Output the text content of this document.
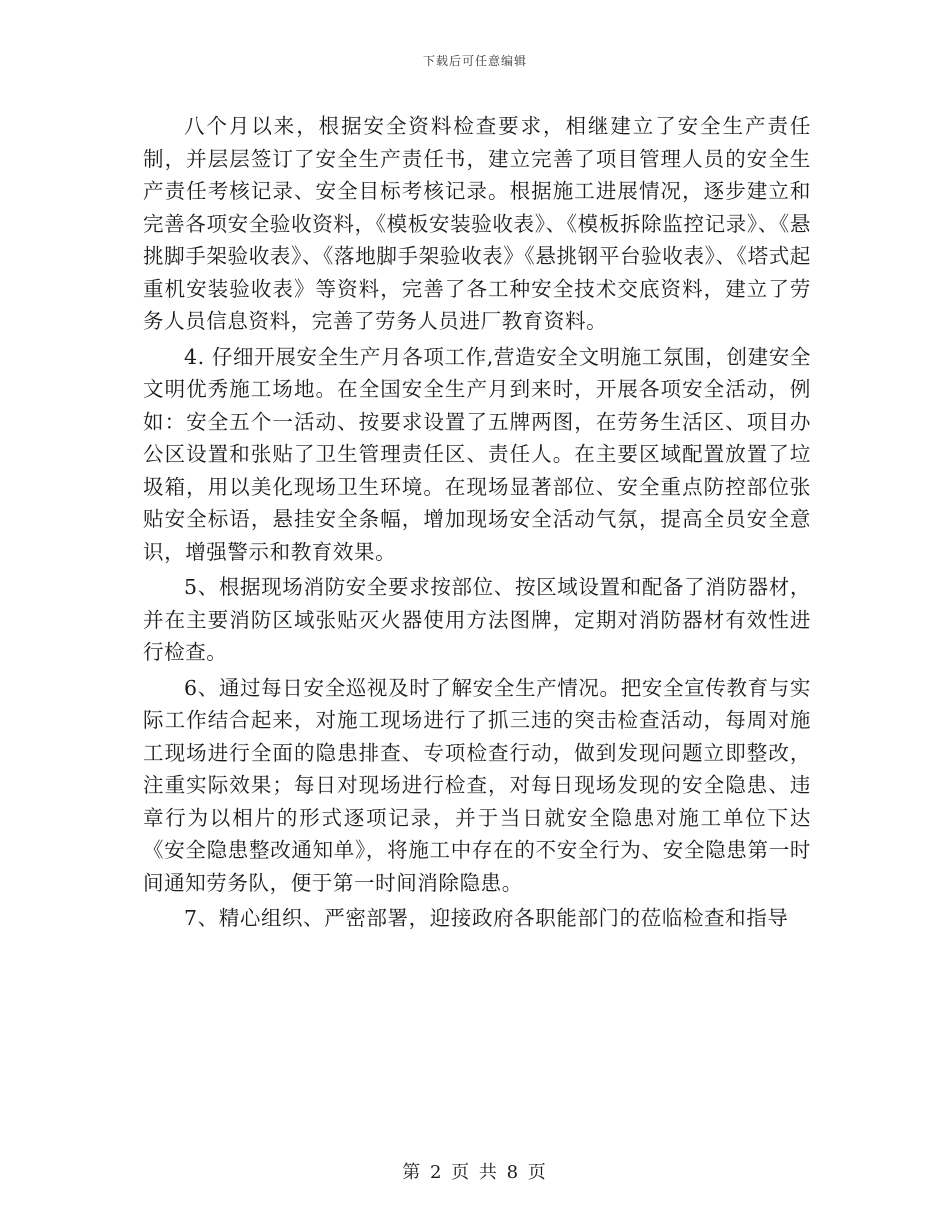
下载后可任意编辑

八个月以来，根据安全资料检查要求，相继建立了安全生产责任制，并层层签订了安全生产责任书，建立完善了项目管理人员的安全生产责任考核记录、安全目标考核记录。根据施工进展情况，逐步建立和完善各项安全验收资料，《模板安装验收表》、《模板拆除监控记录》、《悬挑脚手架验收表》、《落地脚手架验收表》《悬挑钢平台验收表》、《塔式起重机安装验收表》等资料，完善了各工种安全技术交底资料，建立了劳务人员信息资料，完善了劳务人员进厂教育资料。

4. 仔细开展安全生产月各项工作,营造安全文明施工氛围，创建安全文明优秀施工场地。在全国安全生产月到来时，开展各项安全活动，例如：安全五个一活动、按要求设置了五牌两图，在劳务生活区、项目办公区设置和张贴了卫生管理责任区、责任人。在主要区域配置放置了垃圾箱，用以美化现场卫生环境。在现场显著部位、安全重点防控部位张贴安全标语，悬挂安全条幅，增加现场安全活动气氛，提高全员安全意识，增强警示和教育效果。

5、根据现场消防安全要求按部位、按区域设置和配备了消防器材，并在主要消防区域张贴灭火器使用方法图牌，定期对消防器材有效性进行检查。

6、通过每日安全巡视及时了解安全生产情况。把安全宣传教育与实际工作结合起来，对施工现场进行了抓三违的突击检查活动，每周对施工现场进行全面的隐患排查、专项检查行动，做到发现问题立即整改，注重实际效果；每日对现场进行检查，对每日现场发现的安全隐患、违章行为以相片的形式逐项记录，并于当日就安全隐患对施工单位下达《安全隐患整改通知单》，将施工中存在的不安全行为、安全隐患第一时间通知劳务队，便于第一时间消除隐患。

7、精心组织、严密部署，迎接政府各职能部门的莅临检查和指导

第 2 页 共 8 页
